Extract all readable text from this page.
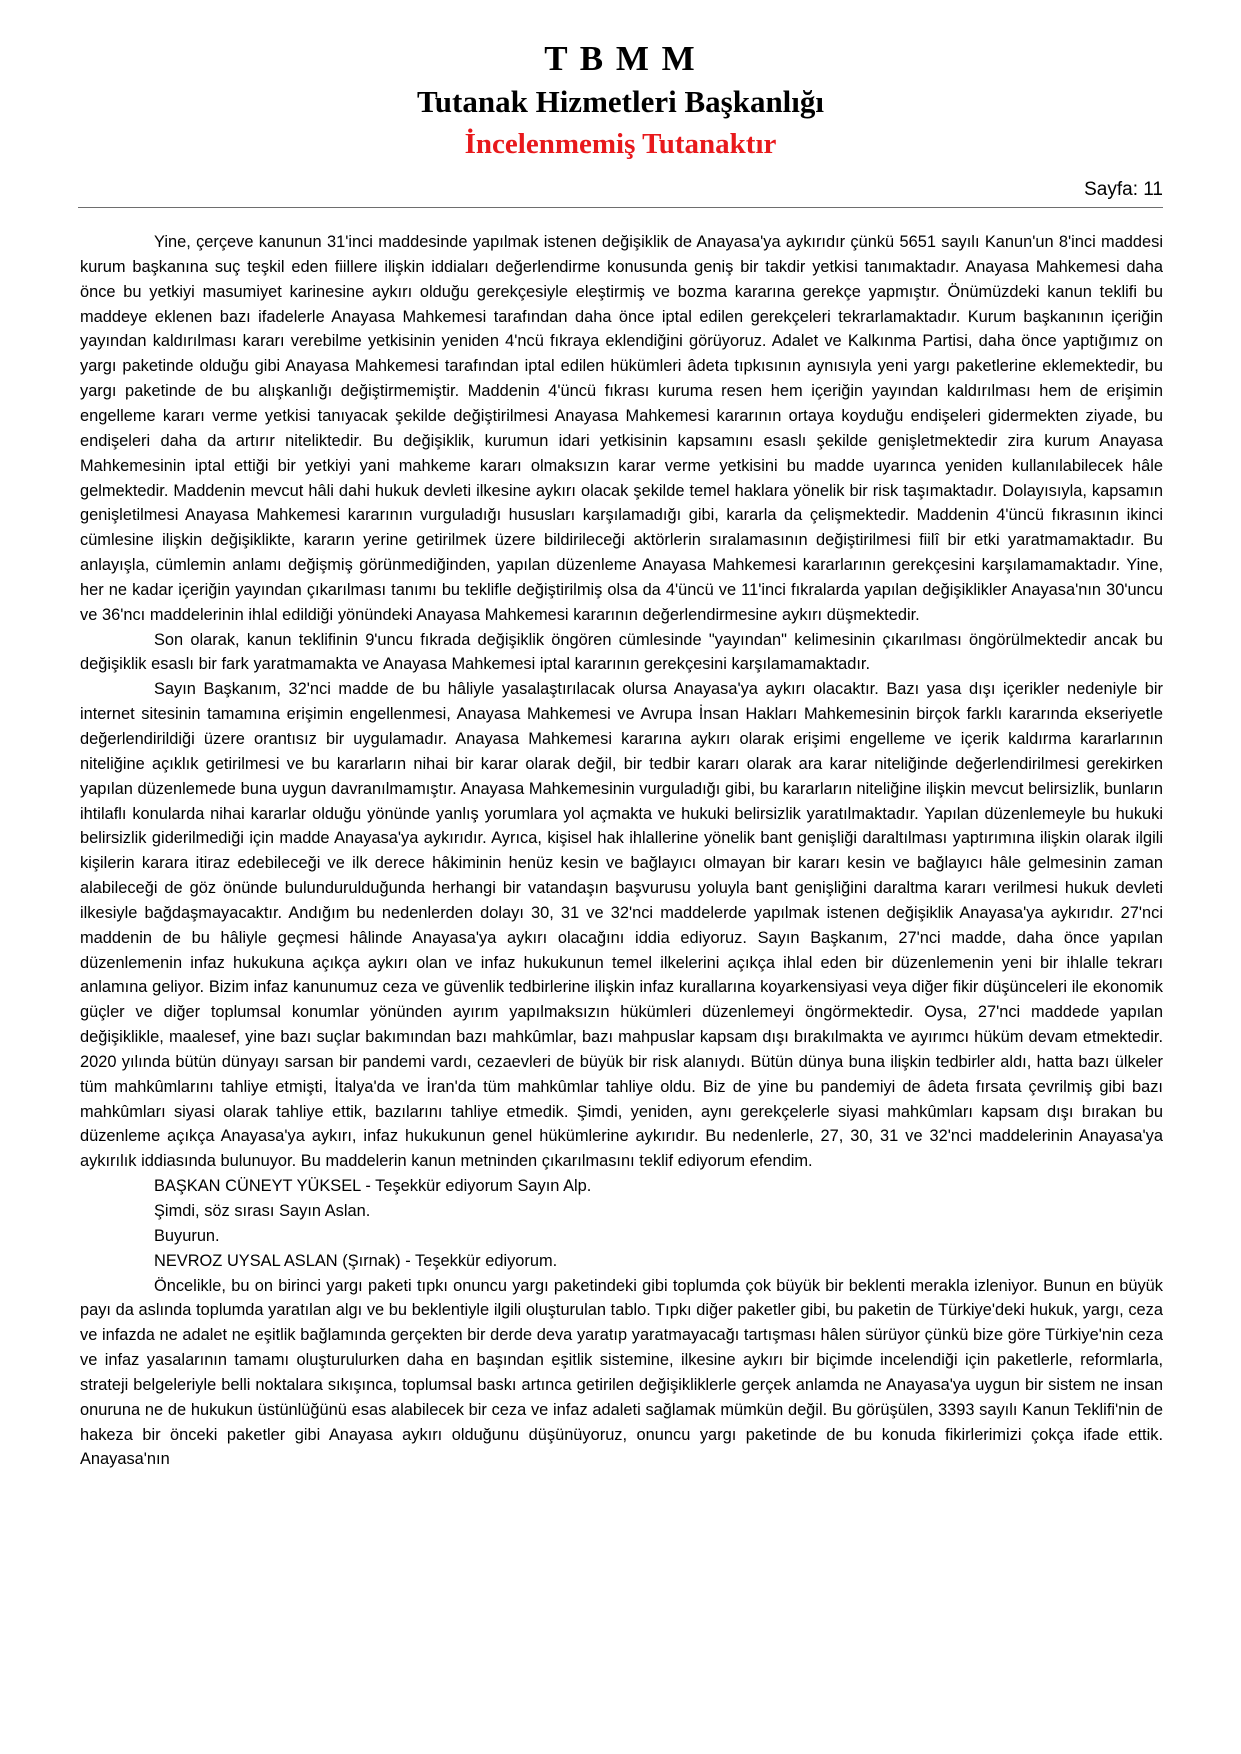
T B M M
Tutanak Hizmetleri Başkanlığı
İncelenmemiş Tutanaktır
Sayfa: 11

Yine, çerçeve kanunun 31'inci maddesinde yapılmak istenen değişiklik de Anayasa'ya aykırıdır çünkü 5651 sayılı Kanun'un 8'inci maddesi kurum başkanına suç teşkil eden fiillere ilişkin iddiaları değerlendirme konusunda geniş bir takdir yetkisi tanımaktadır. Anayasa Mahkemesi daha önce bu yetkiyi masumiyet karinesine aykırı olduğu gerekçesiyle eleştirmiş ve bozma kararına gerekçe yapmıştır. Önümüzdeki kanun teklifi bu maddeye eklenen bazı ifadelerle Anayasa Mahkemesi tarafından daha önce iptal edilen gerekçeleri tekrarlamaktadır. Kurum başkanının içeriğin yayından kaldırılması kararı verebilme yetkisinin yeniden 4'ncü fıkraya eklendiğini görüyoruz. Adalet ve Kalkınma Partisi, daha önce yaptığımız on yargı paketinde olduğu gibi Anayasa Mahkemesi tarafından iptal edilen hükümleri âdeta tıpkısının aynısıyla yeni yargı paketlerine eklemektedir, bu yargı paketinde de bu alışkanlığı değiştirmemiştir. Maddenin 4'üncü fıkrası kuruma resen hem içeriğin yayından kaldırılması hem de erişimin engelleme kararı verme yetkisi tanıyacak şekilde değiştirilmesi Anayasa Mahkemesi kararının ortaya koyduğu endişeleri gidermekten ziyade, bu endişeleri daha da artırır niteliktedir. Bu değişiklik, kurumun idari yetkisinin kapsamını esaslı şekilde genişletmektedir zira kurum Anayasa Mahkemesinin iptal ettiği bir yetkiyi yani mahkeme kararı olmaksızın karar verme yetkisini bu madde uyarınca yeniden kullanılabilecek hâle gelmektedir. Maddenin mevcut hâli dahi hukuk devleti ilkesine aykırı olacak şekilde temel haklara yönelik bir risk taşımaktadır. Dolayısıyla, kapsamın genişletilmesi Anayasa Mahkemesi kararının vurguladığı hususları karşılamadığı gibi, kararla da çelişmektedir. Maddenin 4'üncü fıkrasının ikinci cümlesine ilişkin değişiklikte, kararın yerine getirilmek üzere bildirileceği aktörlerin sıralamasının değiştirilmesi fiilî bir etki yaratmamaktadır. Bu anlayışla, cümlemin anlamı değişmiş görünmediğinden, yapılan düzenleme Anayasa Mahkemesi kararlarının gerekçesini karşılamamaktadır. Yine, her ne kadar içeriğin yayından çıkarılması tanımı bu teklifle değiştirilmiş olsa da 4'üncü ve 11'inci fıkralarda yapılan değişiklikler Anayasa'nın 30'uncu ve 36'ncı maddelerinin ihlal edildiği yönündeki Anayasa Mahkemesi kararının değerlendirmesine aykırı düşmektedir.

Son olarak, kanun teklifinin 9'uncu fıkrada değişiklik öngören cümlesinde "yayından" kelimesinin çıkarılması öngörülmektedir ancak bu değişiklik esaslı bir fark yaratmamakta ve Anayasa Mahkemesi iptal kararının gerekçesini karşılamamaktadır.

Sayın Başkanım, 32'nci madde de bu hâliyle yasalaştırılacak olursa Anayasa'ya aykırı olacaktır. Bazı yasa dışı içerikler nedeniyle bir internet sitesinin tamamına erişimin engellenmesi, Anayasa Mahkemesi ve Avrupa İnsan Hakları Mahkemesinin birçok farklı kararında ekseriyetle değerlendirildiği üzere orantısız bir uygulamadır. Anayasa Mahkemesi kararına aykırı olarak erişimi engelleme ve içerik kaldırma kararlarının niteliğine açıklık getirilmesi ve bu kararların nihai bir karar olarak değil, bir tedbir kararı olarak ara karar niteliğinde değerlendirilmesi gerekirken yapılan düzenlemede buna uygun davranılmamıştır. Anayasa Mahkemesinin vurguladığı gibi, bu kararların niteliğine ilişkin mevcut belirsizlik, bunların ihtilaflı konularda nihai kararlar olduğu yönünde yanlış yorumlara yol açmakta ve hukuki belirsizlik yaratılmaktadır. Yapılan düzenlemeyle bu hukuki belirsizlik giderilmediği için madde Anayasa'ya aykırıdır. Ayrıca, kişisel hak ihlallerine yönelik bant genişliği daraltılması yaptırımına ilişkin olarak ilgili kişilerin karara itiraz edebileceği ve ilk derece hâkiminin henüz kesin ve bağlayıcı olmayan bir kararı kesin ve bağlayıcı hâle gelmesinin zaman alabileceği de göz önünde bulundurulduğunda herhangi bir vatandaşın başvurusu yoluyla bant genişliğini daraltma kararı verilmesi hukuk devleti ilkesiyle bağdaşmayacaktır. Andığım bu nedenlerden dolayı 30, 31 ve 32'nci maddelerde yapılmak istenen değişiklik Anayasa'ya aykırıdır. 27'nci maddenin de bu hâliyle geçmesi hâlinde Anayasa'ya aykırı olacağını iddia ediyoruz. Sayın Başkanım, 27'nci madde, daha önce yapılan düzenlemenin infaz hukukuna açıkça aykırı olan ve infaz hukukunun temel ilkelerini açıkça ihlal eden bir düzenlemenin yeni bir ihlalle tekrarı anlamına geliyor. Bizim infaz kanunumuz ceza ve güvenlik tedbirlerine ilişkin infaz kurallarına koyarkensiyasi veya diğer fikir düşünceleri ile ekonomik güçler ve diğer toplumsal konumlar yönünden ayırım yapılmaksızın hükümleri düzenlemeyi öngörmektedir. Oysa, 27'nci maddede yapılan değişiklikle, maalesef, yine bazı suçlar bakımından bazı mahkûmlar, bazı mahpuslar kapsam dışı bırakılmakta ve ayırımcı hüküm devam etmektedir. 2020 yılında bütün dünyayı sarsan bir pandemi vardı, cezaevleri de büyük bir risk alanıydı. Bütün dünya buna ilişkin tedbirler aldı, hatta bazı ülkeler tüm mahkûmlarını tahliye etmişti, İtalya'da ve İran'da tüm mahkûmlar tahliye oldu. Biz de yine bu pandemiyi de âdeta fırsata çevrilmiş gibi bazı mahkûmları siyasi olarak tahliye ettik, bazılarını tahliye etmedik. Şimdi, yeniden, aynı gerekçelerle siyasi mahkûmları kapsam dışı bırakan bu düzenleme açıkça Anayasa'ya aykırı, infaz hukukunun genel hükümlerine aykırıdır. Bu nedenlerle, 27, 30, 31 ve 32'nci maddelerinin Anayasa'ya aykırılık iddiasında bulunuyor. Bu maddelerin kanun metninden çıkarılmasını teklif ediyorum efendim.

BAŞKAN CÜNEYT YÜKSEL - Teşekkür ediyorum Sayın Alp.

Şimdi, söz sırası Sayın Aslan.

Buyurun.

NEVROZ UYSAL ASLAN (Şırnak) - Teşekkür ediyorum.

Öncelikle, bu on birinci yargı paketi tıpkı onuncu yargı paketindeki gibi toplumda çok büyük bir beklenti merakla izleniyor. Bunun en büyük payı da aslında toplumda yaratılan algı ve bu beklentiyle ilgili oluşturulan tablo. Tıpkı diğer paketler gibi, bu paketin de Türkiye'deki hukuk, yargı, ceza ve infazda ne adalet ne eşitlik bağlamında gerçekten bir derde deva yaratıp yaratmayacağı tartışması hâlen sürüyor çünkü bize göre Türkiye'nin ceza ve infaz yasalarının tamamı oluşturulurken daha en başından eşitlik sistemine, ilkesine aykırı bir biçimde incelendiği için paketlerle, reformlarla, strateji belgeleriyle belli noktalara sıkışınca, toplumsal baskı artınca getirilen değişikliklerle gerçek anlamda ne Anayasa'ya uygun bir sistem ne insan onuruna ne de hukukun üstünlüğünü esas alabilecek bir ceza ve infaz adaleti sağlamak mümkün değil. Bu görüşülen, 3393 sayılı Kanun Teklifi'nin de hakeza bir önceki paketler gibi Anayasa aykırı olduğunu düşünüyoruz, onuncu yargı paketinde de bu konuda fikirlerimizi çokça ifade ettik. Anayasa'nın
